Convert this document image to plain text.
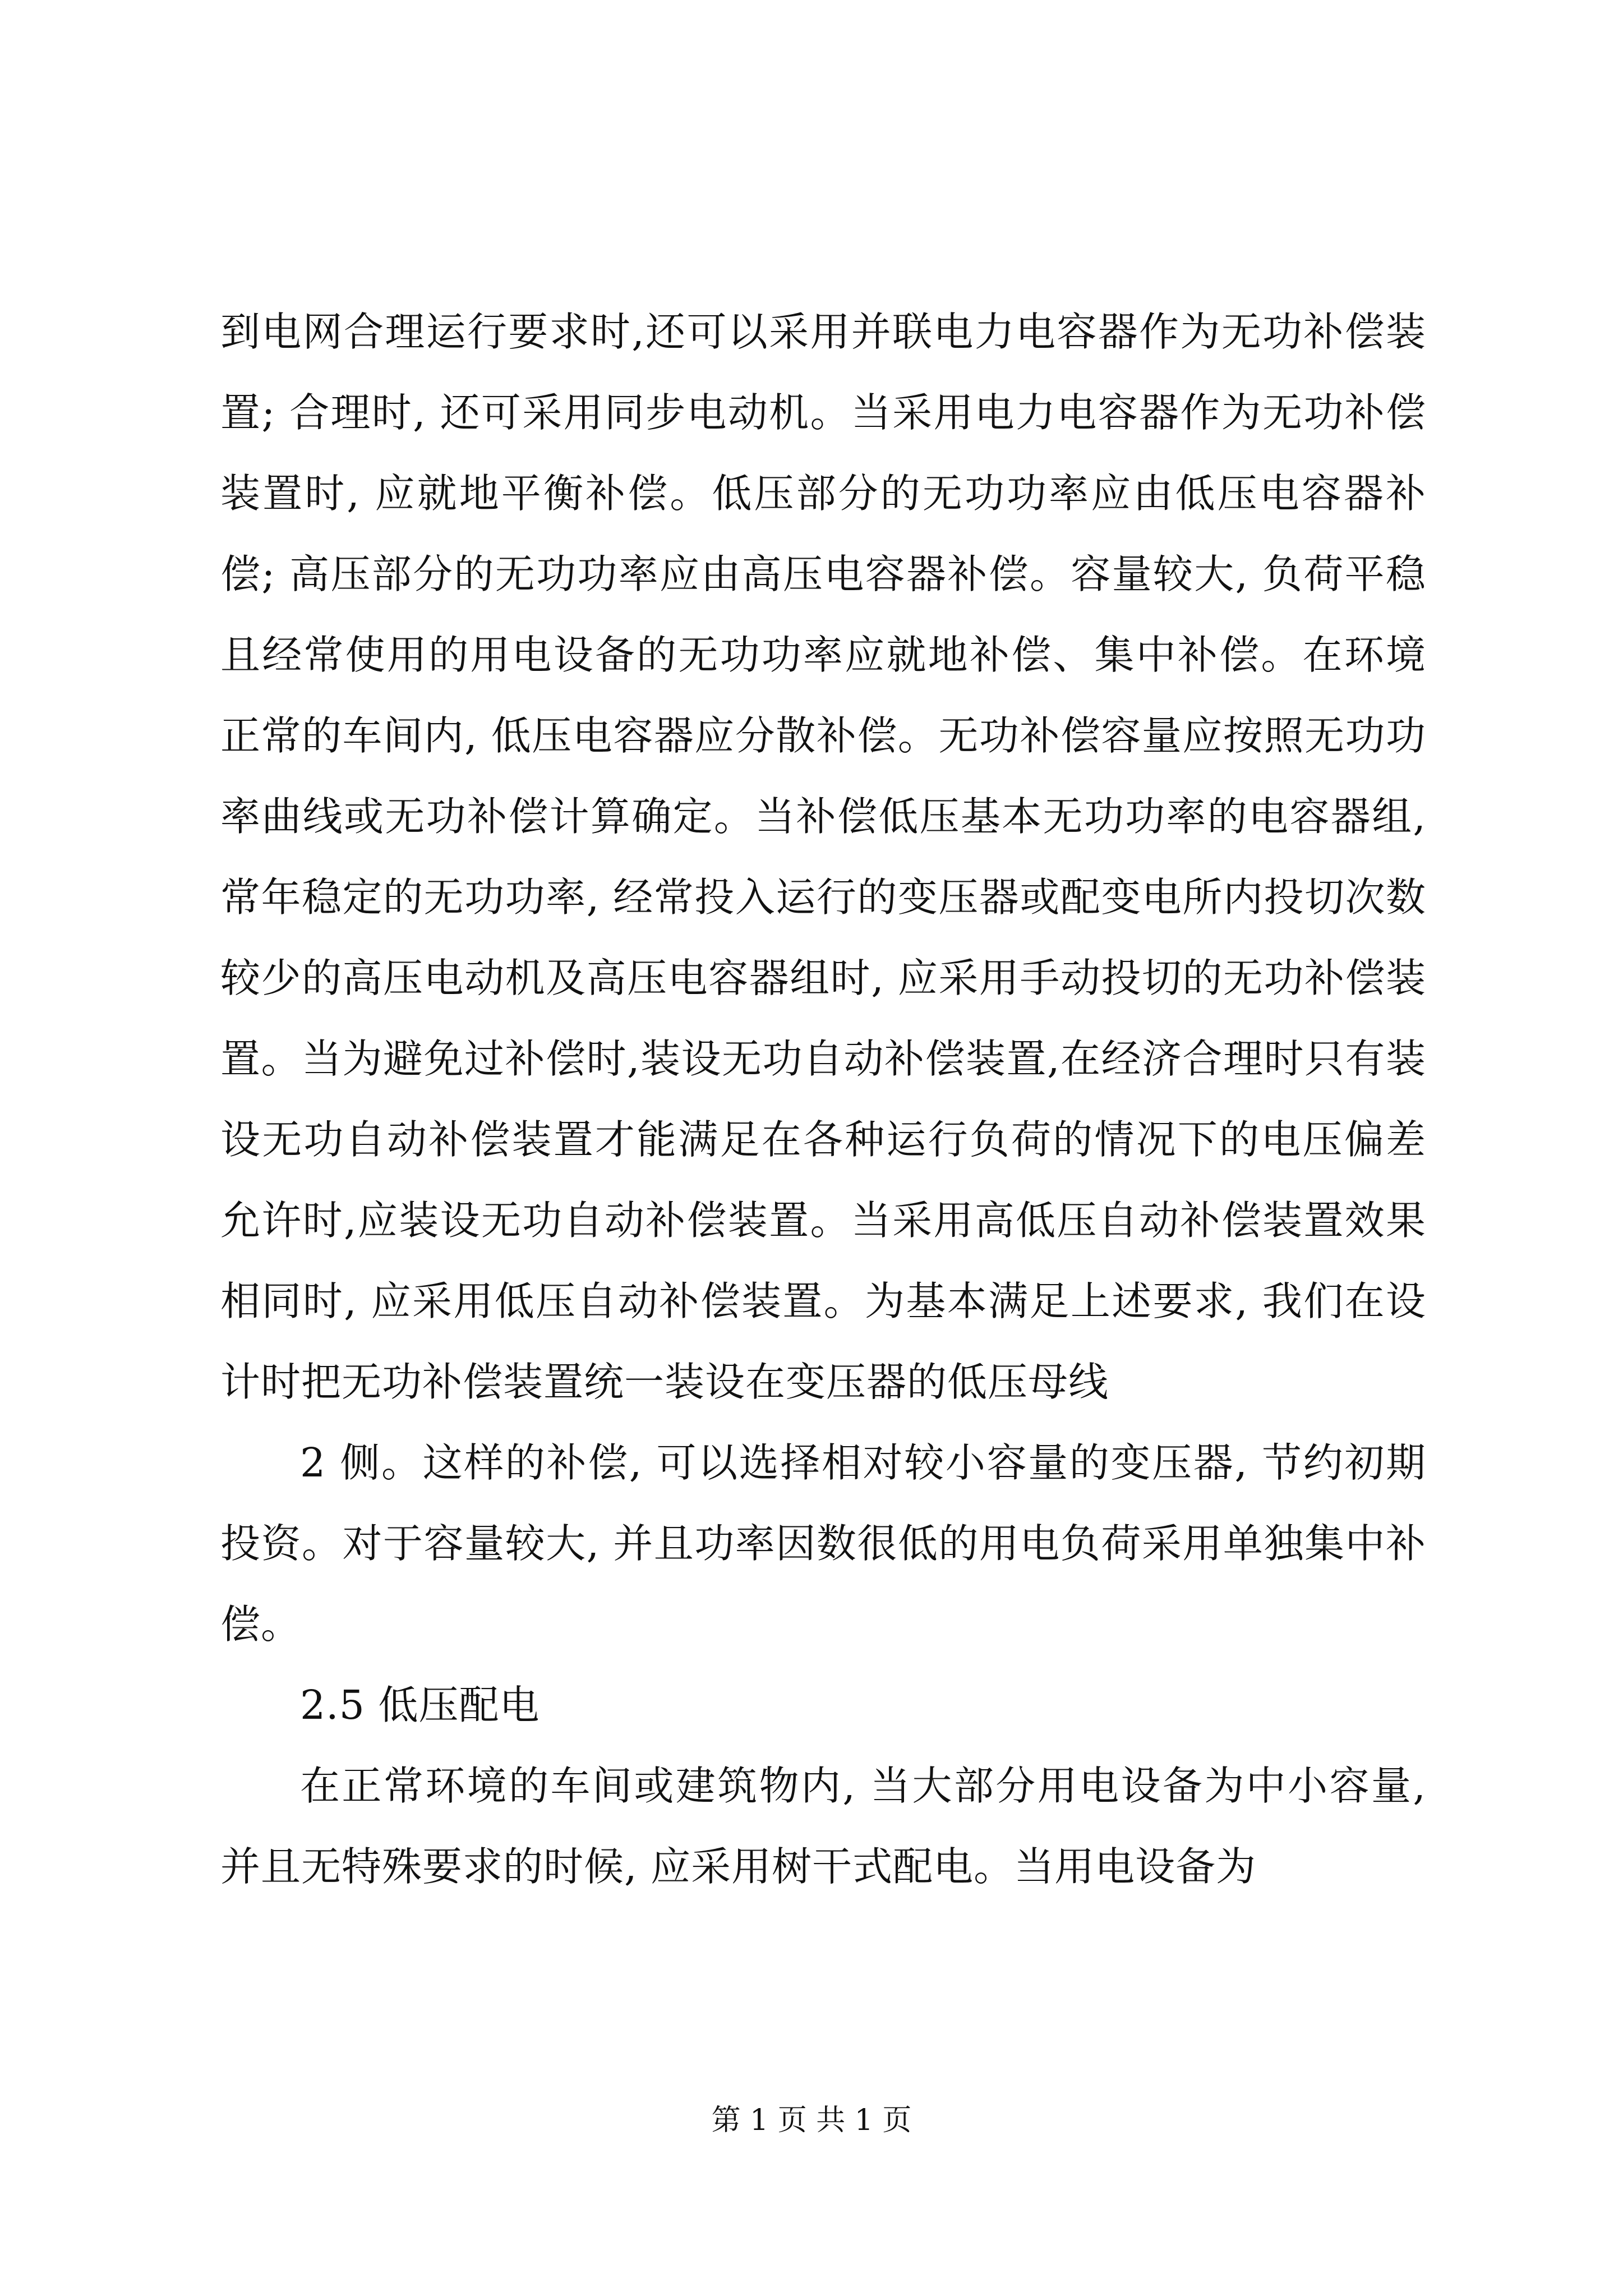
到电网合理运行要求时,还可以采用并联电力电容器作为无功补偿装置; 合理时, 还可采用同步电动机。当采用电力电容器作为无功补偿装置时, 应就地平衡补偿。低压部分的无功功率应由低压电容器补偿; 高压部分的无功功率应由高压电容器补偿。容量较大, 负荷平稳且经常使用的用电设备的无功功率应就地补偿、集中补偿。在环境正常的车间内, 低压电容器应分散补偿。无功补偿容量应按照无功功率曲线或无功补偿计算确定。当补偿低压基本无功功率的电容器组, 常年稳定的无功功率, 经常投入运行的变压器或配变电所内投切次数较少的高压电动机及高压电容器组时, 应采用手动投切的无功补偿装置。当为避免过补偿时,装设无功自动补偿装置,在经济合理时只有装设无功自动补偿装置才能满足在各种运行负荷的情况下的电压偏差允许时,应装设无功自动补偿装置。当采用高低压自动补偿装置效果相同时, 应采用低压自动补偿装置。为基本满足上述要求, 我们在设计时把无功补偿装置统一装设在变压器的低压母线

2 侧。这样的补偿, 可以选择相对较小容量的变压器, 节约初期投资。对于容量较大, 并且功率因数很低的用电负荷采用单独集中补偿。

2.5 低压配电

在正常环境的车间或建筑物内, 当大部分用电设备为中小容量, 并且无特殊要求的时候, 应采用树干式配电。当用电设备为

第 1 页 共 1 页
